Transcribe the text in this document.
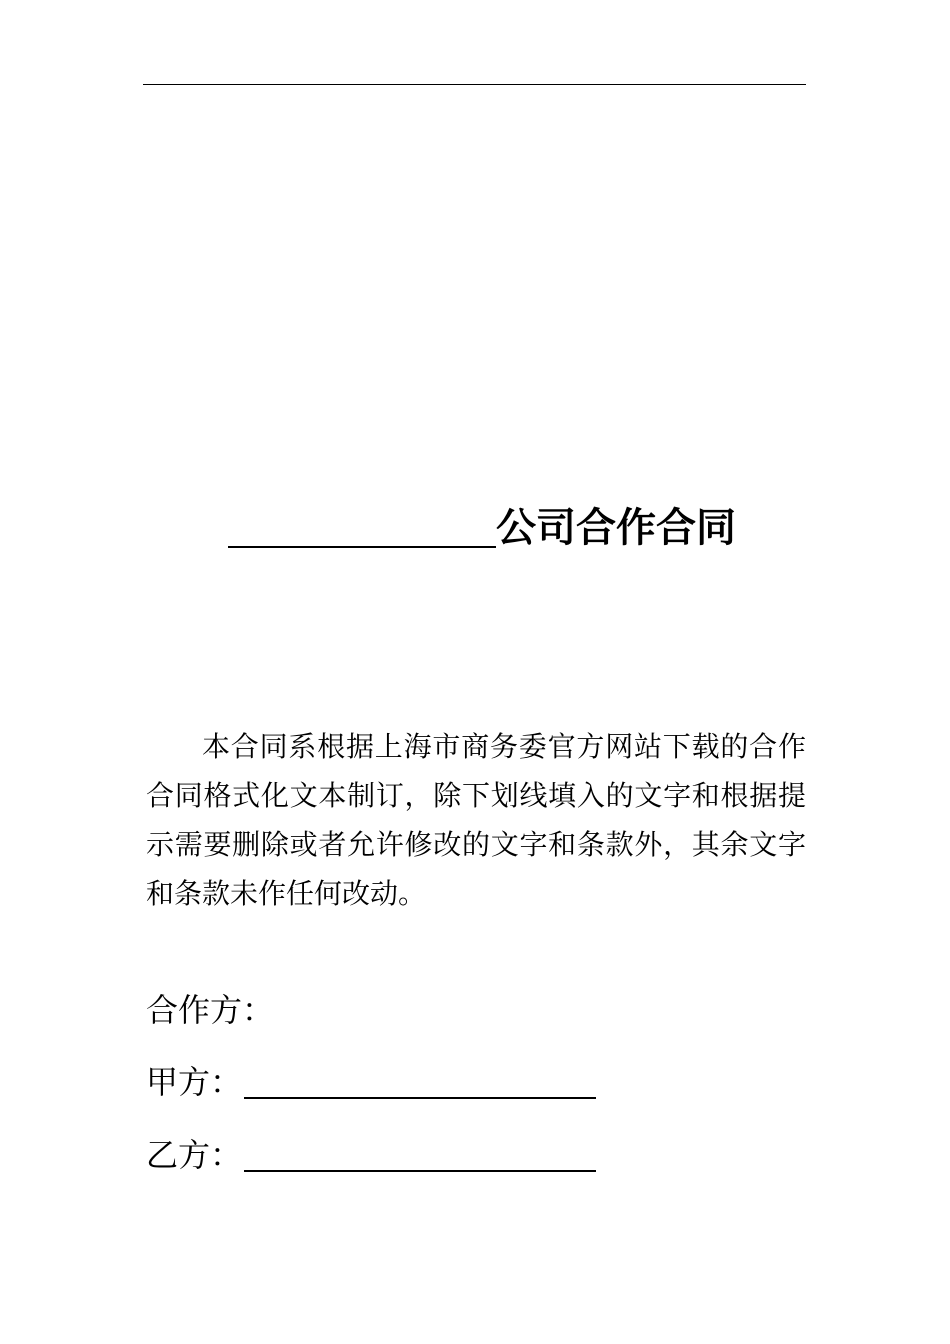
公司合作合同

本合同系根据上海市商务委官方网站下载的合作合同格式化文本制订，除下划线填入的文字和根据提示需要删除或者允许修改的文字和条款外，其余文字和条款未作任何改动。

合作方：
甲方：
乙方：
